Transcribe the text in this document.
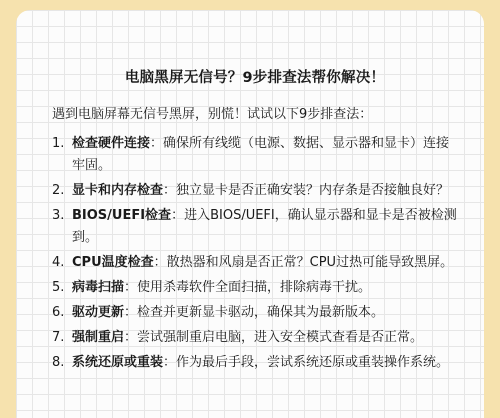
电脑黑屏无信号？9步排查法帮你解决！
遇到电脑屏幕无信号黑屏，别慌！试试以下9步排查法：
1. 检查硬件连接：确保所有线缆（电源、数据、显示器和显卡）连接牢固。
2. 显卡和内存检查：独立显卡是否正确安装？内存条是否接触良好？
3. BIOS/UEFI检查：进入BIOS/UEFI，确认显示器和显卡是否被检测到。
4. CPU温度检查：散热器和风扇是否正常？CPU过热可能导致黑屏。
5. 病毒扫描：使用杀毒软件全面扫描，排除病毒干扰。
6. 驱动更新：检查并更新显卡驱动，确保其为最新版本。
7. 强制重启：尝试强制重启电脑，进入安全模式查看是否正常。
8. 系统还原或重装：作为最后手段，尝试系统还原或重装操作系统。
